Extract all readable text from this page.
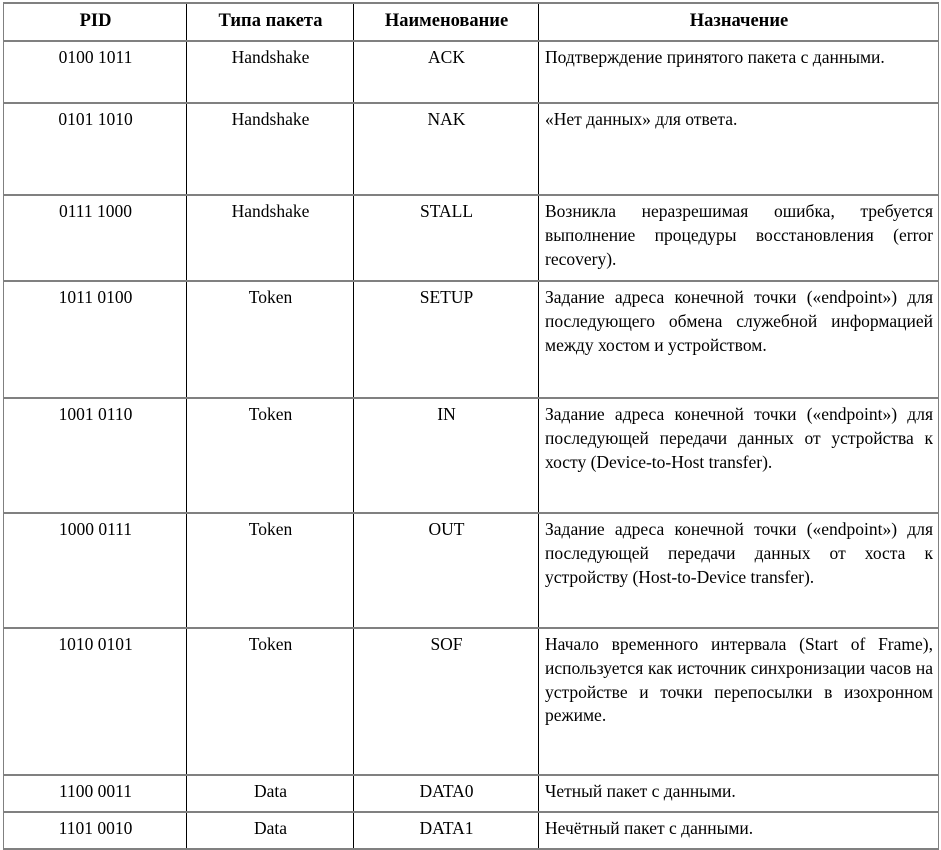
PID	Типа пакета	Наименование	Назначение
0100 1011	Handshake	ACK	Подтверждение принятого пакета с данными.
0101 1010	Handshake	NAK	«Нет данных» для ответа.
0111 1000	Handshake	STALL	Возникла неразрешимая ошибка, требуется выполнение процедуры восстановления (error recovery).
1011 0100	Token	SETUP	Задание адреса конечной точки («endpoint») для последующего обмена служебной информацией между хостом и устройством.
1001 0110	Token	IN	Задание адреса конечной точки («endpoint») для последующей передачи данных от устройства к хосту (Device-to-Host transfer).
1000 0111	Token	OUT	Задание адреса конечной точки («endpoint») для последующей передачи данных от хоста к устройству (Host-to-Device transfer).
1010 0101	Token	SOF	Начало временного интервала (Start of Frame), используется как источник синхронизации часов на устройстве и точки перепосылки в изохронном режиме.
1100 0011	Data	DATA0	Четный пакет с данными.
1101 0010	Data	DATA1	Нечётный пакет с данными.
